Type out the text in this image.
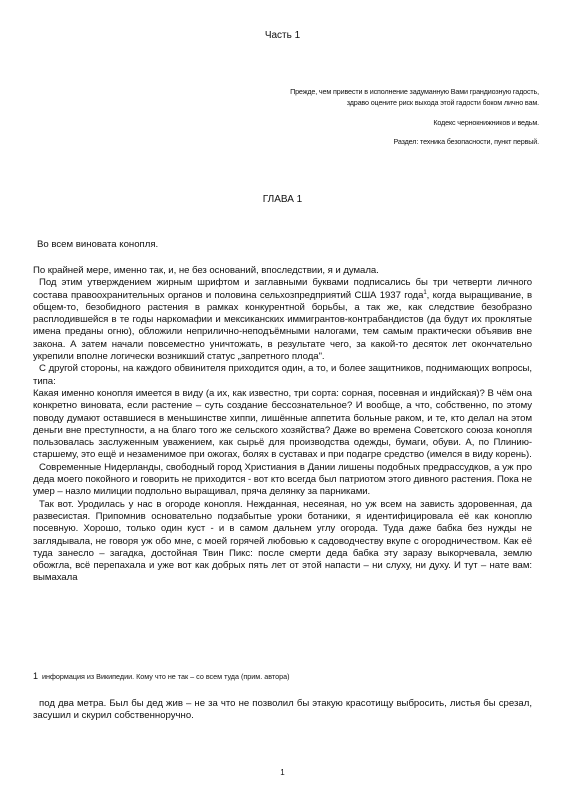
Часть 1
Прежде, чем привести в исполнение задуманную Вами грандиозную гадость,
здраво оцените риск выхода этой гадости боком лично вам.
Кодекс чернокнижников и ведьм.
Раздел: техника безопасности, пункт первый.
ГЛАВА 1
Во всем виновата конопля.

По крайней мере, именно так, и, не без оснований, впоследствии, я и думала.

Под этим утверждением жирным шрифтом и заглавными буквами подписались бы три четверти личного состава правоохранительных органов и половина сельхозпредприятий США 1937 года$^1$, когда выращивание, в общем-то, безобидного растения в рамках конкурентной борьбы, а так же, как следствие безобразно расплодившейся в те годы наркомафии и мексиканских иммигрантов-контрабандистов (да будут их проклятые имена преданы огню), обложили неприлично-неподъёмными налогами, тем самым практически объявив вне закона. А затем начали повсеместно уничтожать, в результате чего, за какой-то десяток лет окончательно укрепили вполне логически возникший статус „запретного плода".

С другой стороны, на каждого обвинителя приходится один, а то, и более защитников, поднимающих вопросы, типа:

Какая именно конопля имеется в виду (а их, как известно, три сорта: сорная, посевная и индийская)? В чём она конкретно виновата, если растение – суть создание бессознательное? И вообще, а что, собственно, по этому поводу думают оставшиеся в меньшинстве хиппи, лишённые аппетита больные раком, и те, кто делал на этом деньги вне преступности, а на благо того же сельского хозяйства? Даже во времена Советского союза конопля пользовалась заслуженным уважением, как сырьё для производства одежды, бумаги, обуви. А, по Плинию-старшему, это ещё и незаменимое при ожогах, болях в суставах и при подагре средство (имелся в виду корень).

Современные Нидерланды, свободный город Христиания в Дании лишены подобных предрассудков, а уж про деда моего покойного и говорить не приходится - вот кто всегда был патриотом этого дивного растения. Пока не умер – назло милиции подпольно выращивал, пряча делянку за парниками.

Так вот. Уродилась у нас в огороде конопля. Нежданная, несеяная, но уж всем на зависть здоровенная, да развесистая. Припомнив основательно подзабытые уроки ботаники, я идентифицировала её как коноплю посевную. Хорошо, только один куст - и в самом дальнем углу огорода. Туда даже бабка без нужды не заглядывала, не говоря уж обо мне, с моей горячей любовью к садоводчеству вкупе с огородничеством. Как её туда занесло – загадка, достойная Твин Пикс: после смерти деда бабка эту заразу выкорчевала, землю обожгла, всё перепахала и уже вот как добрых пять лет от этой напасти – ни слуху, ни духу. И тут – нате вам: вымахала

1 информация из Википедии. Кому что не так – со всем туда (прим. автора)

под два метра. Был бы дед жив – не за что не позволил бы этакую красотищу выбросить, листья бы срезал, засушил и скурил собственноручно.

1
